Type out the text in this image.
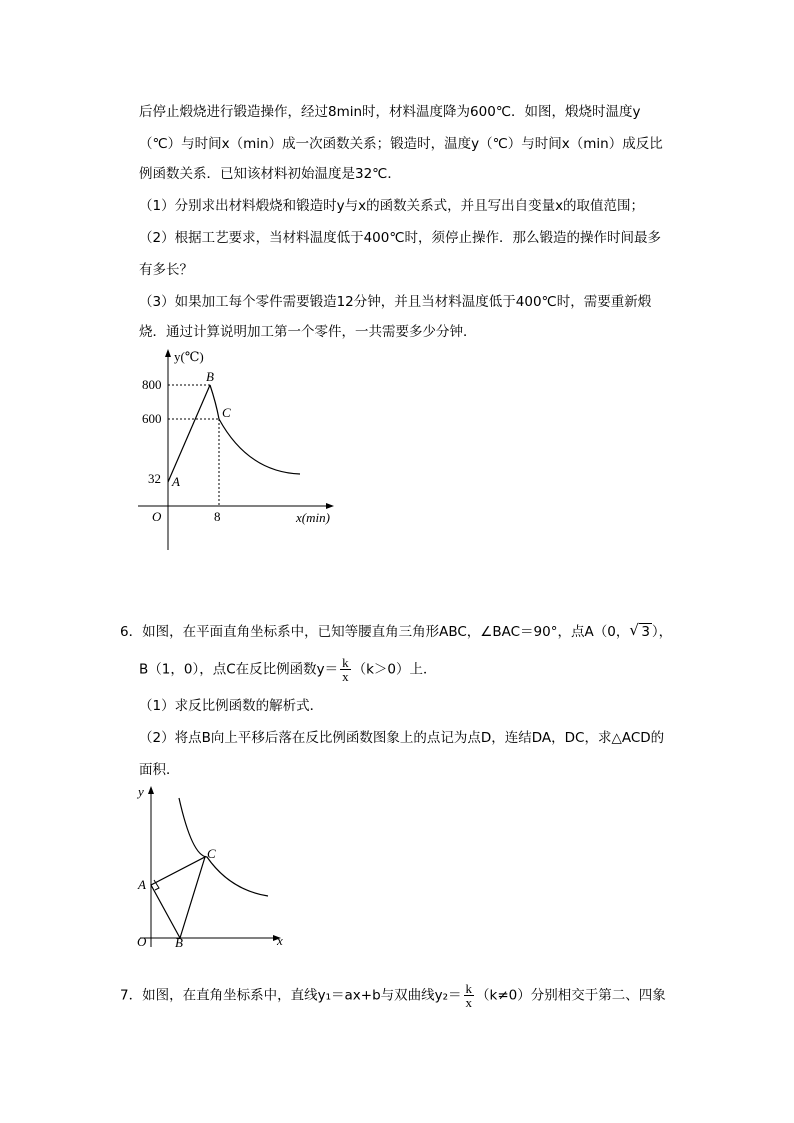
后停止煅烧进行锻造操作，经过8min时，材料温度降为600℃．如图，煅烧时温度y
（℃）与时间x（min）成一次函数关系；锻造时，温度y（℃）与时间x（min）成反比
例函数关系．已知该材料初始温度是32℃．
（1）分别求出材料煅烧和锻造时y与x的函数关系式，并且写出自变量x的取值范围；
（2）根据工艺要求，当材料温度低于400℃时，须停止操作．那么锻造的操作时间最多
有多长？
（3）如果加工每个零件需要锻造12分钟，并且当材料温度低于400℃时，需要重新煅
烧．通过计算说明加工第一个零件，一共需要多少分钟．
y(℃)
800
600
32
8
O
A
B
C
x(min)
6．如图，在平面直角坐标系中，已知等腰直角三角形ABC，∠BAC＝90°，点A（0， √ 3 ），
B（1，0），点C在反比例函数$y= \frac{k}{x} (k>0)$上．
（1）求反比例函数的解析式．
（2）将点B向上平移后落在反比例函数图象上的点记为点D，连结DA，DC，求△ACD的
面积．
y
O
A
B
C
x
7．如图，在直角坐标系中，直线y₁＝ax+b与双曲线$y_2= \frac{k}{x} (k\ne 0)$分别相交于第二、四象
